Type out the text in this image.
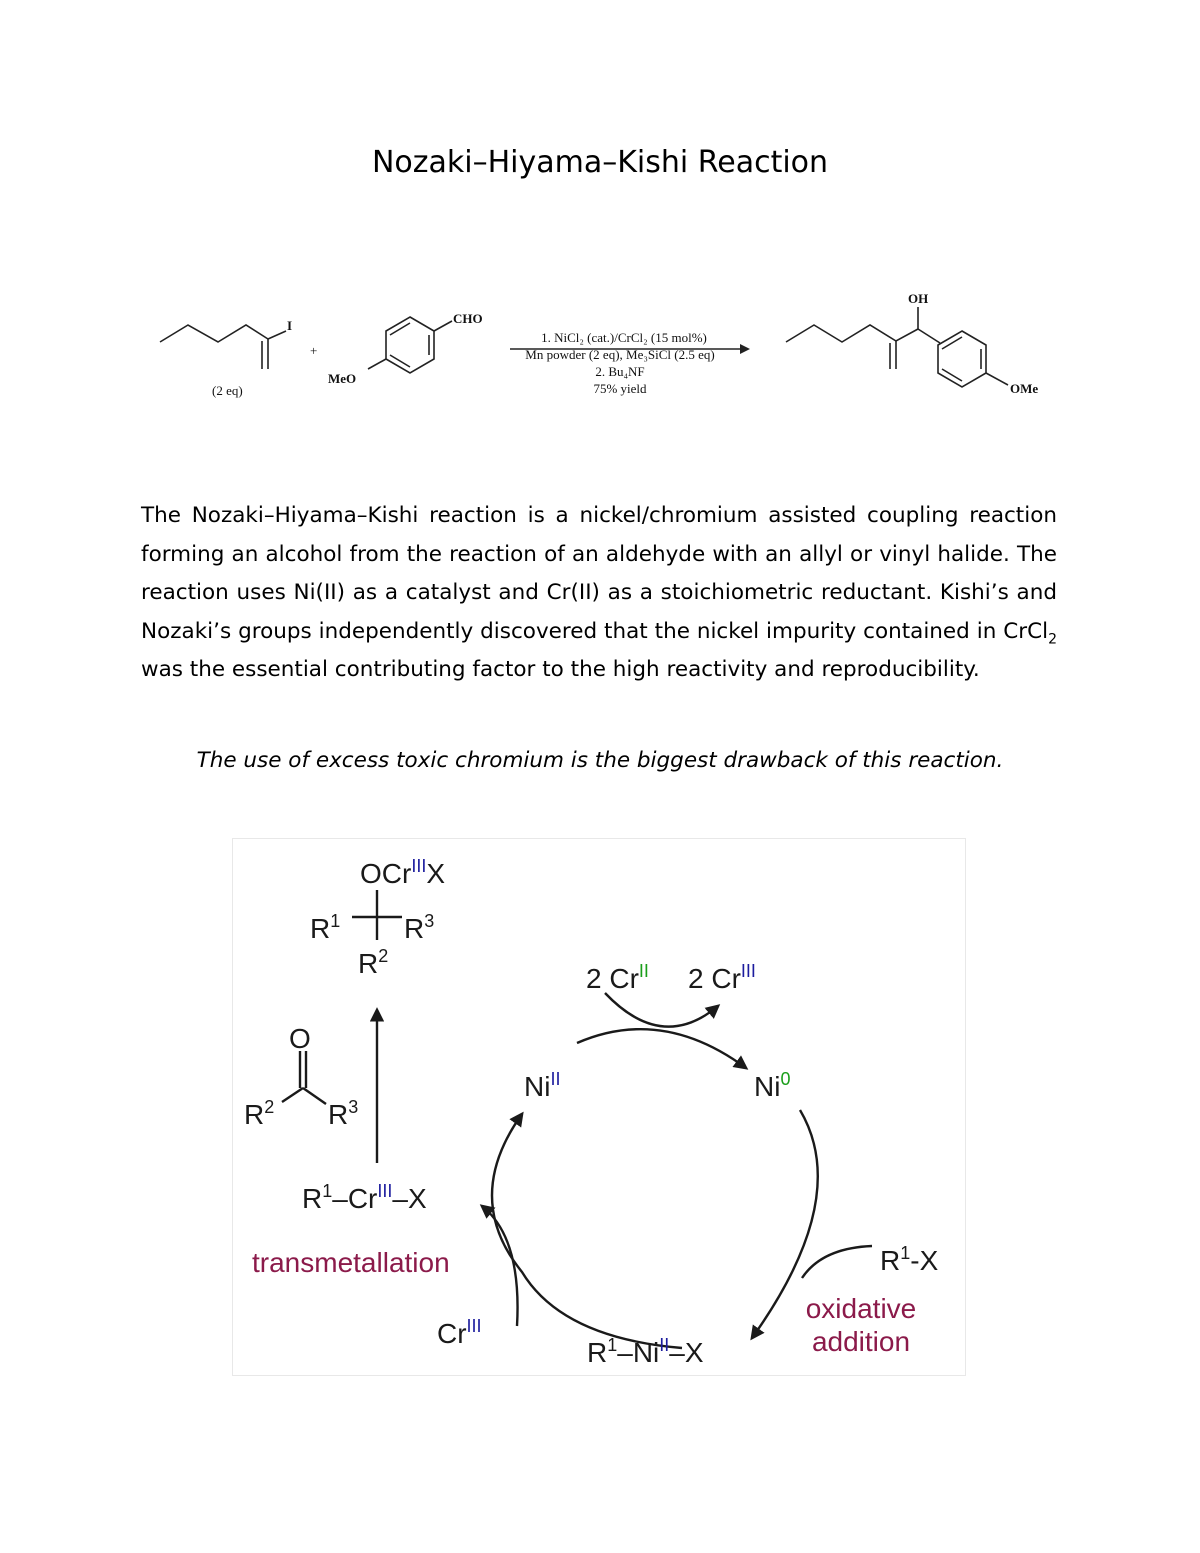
Nozaki–Hiyama–Kishi Reaction
I
(2 eq)
+
CHO
MeO
1. NiCl₂ (cat.)/CrCl₂ (15 mol%)
Mn powder (2 eq), Me₃SiCl (2.5 eq)
2. Bu₄NF
75% yield
OH
OMe
The Nozaki–Hiyama–Kishi reaction is a nickel/chromium assisted coupling reaction forming an alcohol from the reaction of an aldehyde with an allyl or vinyl halide. The reaction uses Ni(II) as a catalyst and Cr(II) as a stoichiometric reductant. Kishi’s and Nozaki’s groups independently discovered that the nickel impurity contained in CrCl$_2$ was the essential contributing factor to the high reactivity and reproducibility.
The use of excess toxic chromium is the biggest drawback of this reaction.
OCr$^{III}$X
$R^1$ $R^3$
$R^2$
O
$R^2$ $R^3$
$R^1-Cr^{III}-X$
$Ni^{II}$	Ni$^0$
2 $Cr^{II}$ 2 $Cr^{III}$
$R^1-X$
$R^1-Ni^{II}-X$
$Cr^{III}$
transmetallation
oxidative
addition
